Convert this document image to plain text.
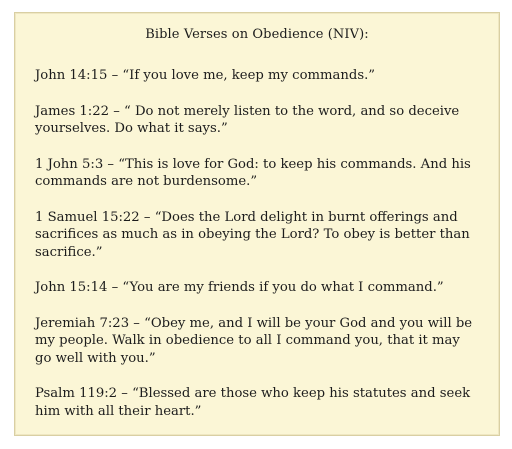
Bible Verses on Obedience (NIV):

John 14:15 – “If you love me, keep my commands.”

James 1:22 – “ Do not merely listen to the word, and so deceive yourselves. Do what it says.”

1 John 5:3 – “This is love for God: to keep his commands. And his commands are not burdensome.”

1 Samuel 15:22 – “Does the Lord delight in burnt offerings and sacrifices as much as in obeying the Lord? To obey is better than sacrifice.”

John 15:14 – “You are my friends if you do what I command.”

Jeremiah 7:23 – “Obey me, and I will be your God and you will be my people. Walk in obedience to all I command you, that it may go well with you.”

Psalm 119:2 – “Blessed are those who keep his statutes and seek him with all their heart.”
